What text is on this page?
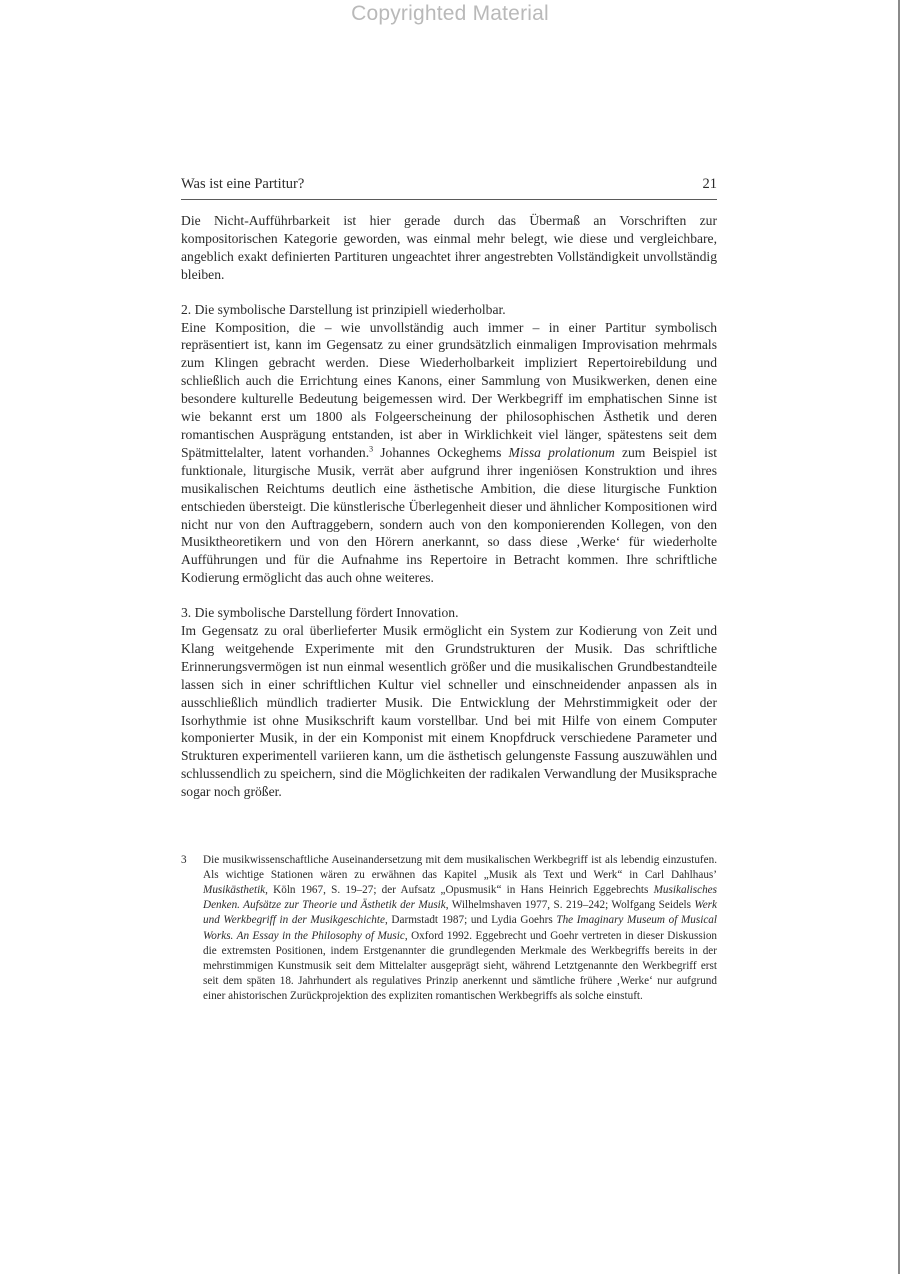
Copyrighted Material
Was ist eine Partitur?	21

Die Nicht-Aufführbarkeit ist hier gerade durch das Übermaß an Vorschriften zur kompositorischen Kategorie geworden, was einmal mehr belegt, wie diese und vergleichbare, angeblich exakt definierten Partituren ungeachtet ihrer angestrebten Vollständigkeit unvollständig bleiben.

2. Die symbolische Darstellung ist prinzipiell wiederholbar.

Eine Komposition, die – wie unvollständig auch immer – in einer Partitur symbolisch repräsentiert ist, kann im Gegensatz zu einer grundsätzlich einmaligen Improvisation mehrmals zum Klingen gebracht werden. Diese Wiederholbarkeit impliziert Repertoirebildung und schließlich auch die Errichtung eines Kanons, einer Sammlung von Musikwerken, denen eine besondere kulturelle Bedeutung beigemessen wird. Der Werkbegriff im emphatischen Sinne ist wie bekannt erst um 1800 als Folgeerscheinung der philosophischen Ästhetik und deren romantischen Ausprägung entstanden, ist aber in Wirklichkeit viel länger, spätestens seit dem Spätmittelalter, latent vorhanden.$^3$ Johannes Ockeghems Missa prolationum zum Beispiel ist funktionale, liturgische Musik, verrät aber aufgrund ihrer ingeniösen Konstruktion und ihres musikalischen Reichtums deutlich eine ästhetische Ambition, die diese liturgische Funktion entschieden übersteigt. Die künstlerische Überlegenheit dieser und ähnlicher Kompositionen wird nicht nur von den Auftraggebern, sondern auch von den komponierenden Kollegen, von den Musiktheoretikern und von den Hörern anerkannt, so dass diese ‚Werke‘ für wiederholte Aufführungen und für die Aufnahme ins Repertoire in Betracht kommen. Ihre schriftliche Kodierung ermöglicht das auch ohne weiteres.

3. Die symbolische Darstellung fördert Innovation.

Im Gegensatz zu oral überlieferter Musik ermöglicht ein System zur Kodierung von Zeit und Klang weitgehende Experimente mit den Grundstrukturen der Musik. Das schriftliche Erinnerungsvermögen ist nun einmal wesentlich größer und die musikalischen Grundbestandteile lassen sich in einer schriftlichen Kultur viel schneller und einschneidender anpassen als in ausschließlich mündlich tradierter Musik. Die Entwicklung der Mehrstimmigkeit oder der Isorhythmie ist ohne Musikschrift kaum vorstellbar. Und bei mit Hilfe von einem Computer komponierter Musik, in der ein Komponist mit einem Knopfdruck verschiedene Parameter und Strukturen experimentell variieren kann, um die ästhetisch gelungenste Fassung auszuwählen und schlussendlich zu speichern, sind die Möglichkeiten der radikalen Verwandlung der Musiksprache sogar noch größer.

3	Die musikwissenschaftliche Auseinandersetzung mit dem musikalischen Werkbegriff ist als lebendig einzustufen. Als wichtige Stationen wären zu erwähnen das Kapitel „Musik als Text und Werk“ in Carl Dahlhaus’ Musikästhetik, Köln 1967, S. 19–27; der Aufsatz „Opusmusik“ in Hans Heinrich Eggebrechts Musikalisches Denken. Aufsätze zur Theorie und Ästhetik der Musik, Wilhelmshaven 1977, S. 219–242; Wolfgang Seidels Werk und Werkbegriff in der Musikgeschichte, Darmstadt 1987; und Lydia Goehrs The Imaginary Museum of Musical Works. An Essay in the Philosophy of Music, Oxford 1992. Eggebrecht und Goehr vertreten in dieser Diskussion die extremsten Positionen, indem Erstgenannter die grundlegenden Merkmale des Werkbegriffs bereits in der mehrstimmigen Kunstmusik seit dem Mittelalter ausgeprägt sieht, während Letztgenannte den Werkbegriff erst seit dem späten 18. Jahrhundert als regulatives Prinzip anerkennt und sämtliche frühere ‚Werke‘ nur aufgrund einer ahistorischen Zurückprojektion des expliziten romantischen Werkbegriffs als solche einstuft.
